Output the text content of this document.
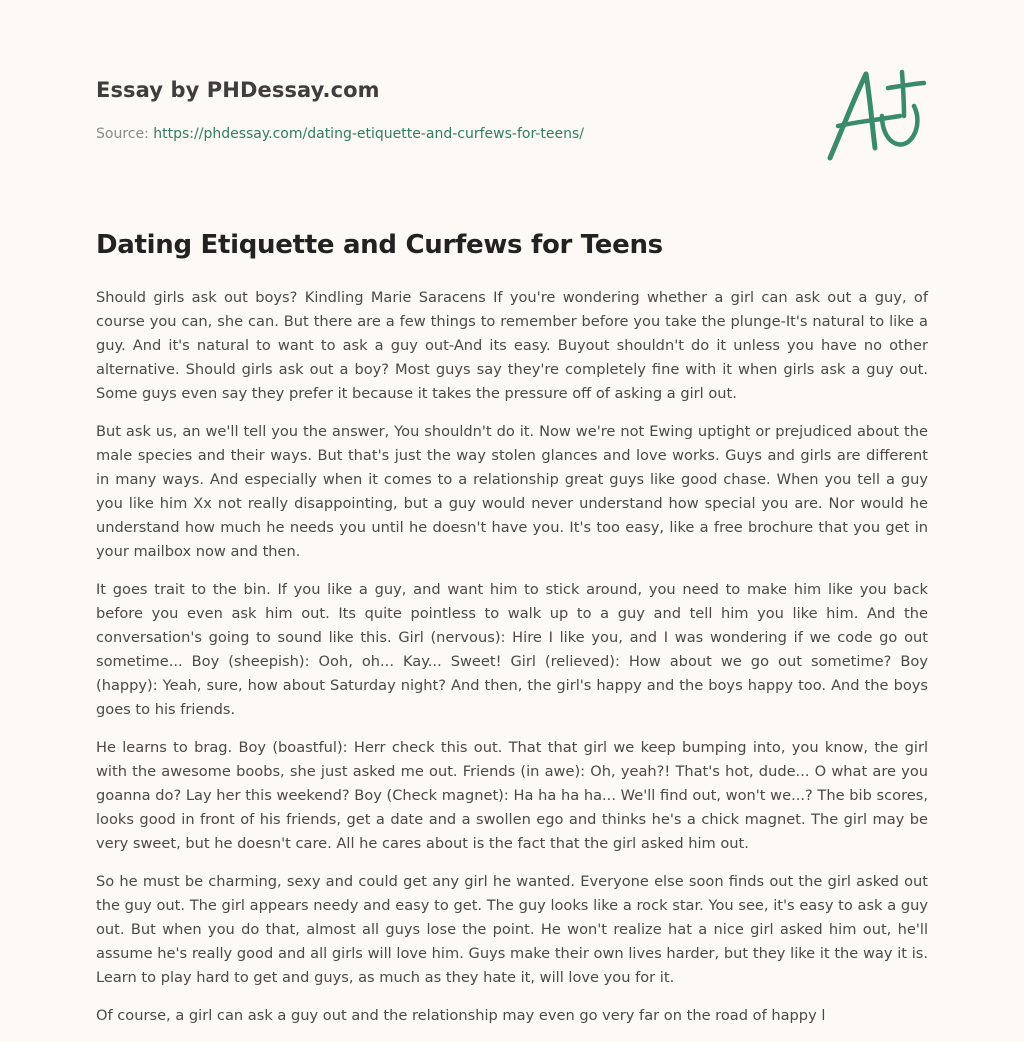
Essay by PHDessay.com

Source: https://phdessay.com/dating-etiquette-and-curfews-for-teens/
Dating Etiquette and Curfews for Teens

Should girls ask out boys? Kindling Marie Saracens If you're wondering whether a girl can ask out a guy, of course you can, she can. But there are a few things to remember before you take the plunge-It's natural to like a guy. And it's natural to want to ask a guy out-And its easy. Buyout shouldn't do it unless you have no other alternative. Should girls ask out a boy? Most guys say they're completely fine with it when girls ask a guy out. Some guys even say they prefer it because it takes the pressure off of asking a girl out.

But ask us, an we'll tell you the answer, You shouldn't do it. Now we're not Ewing uptight or prejudiced about the male species and their ways. But that's just the way stolen glances and love works. Guys and girls are different in many ways. And especially when it comes to a relationship great guys like good chase. When you tell a guy you like him Xx not really disappointing, but a guy would never understand how special you are. Nor would he understand how much he needs you until he doesn't have you. It's too easy, like a free brochure that you get in your mailbox now and then.

It goes trait to the bin. If you like a guy, and want him to stick around, you need to make him like you back before you even ask him out. Its quite pointless to walk up to a guy and tell him you like him. And the conversation's going to sound like this. Girl (nervous): Hire I like you, and I was wondering if we code go out sometime... Boy (sheepish): Ooh, oh... Kay... Sweet! Girl (relieved): How about we go out sometime? Boy (happy): Yeah, sure, how about Saturday night? And then, the girl's happy and the boys happy too. And the boys goes to his friends.

He learns to brag. Boy (boastful): Herr check this out. That that girl we keep bumping into, you know, the girl with the awesome boobs, she just asked me out. Friends (in awe): Oh, yeah?! That's hot, dude... O what are you goanna do? Lay her this weekend? Boy (Check magnet): Ha ha ha ha... We'll find out, won't we...? The bib scores, looks good in front of his friends, get a date and a swollen ego and thinks he's a chick magnet. The girl may be very sweet, but he doesn't care. All he cares about is the fact that the girl asked him out.

So he must be charming, sexy and could get any girl he wanted. Everyone else soon finds out the girl asked out the guy out. The girl appears needy and easy to get. The guy looks like a rock star. You see, it's easy to ask a guy out. But when you do that, almost all guys lose the point. He won't realize hat a nice girl asked him out, he'll assume he's really good and all girls will love him. Guys make their own lives harder, but they like it the way it is. Learn to play hard to get and guys, as much as they hate it, will love you for it.

Of course, a girl can ask a guy out and the relationship may even go very far on the road of happy l
